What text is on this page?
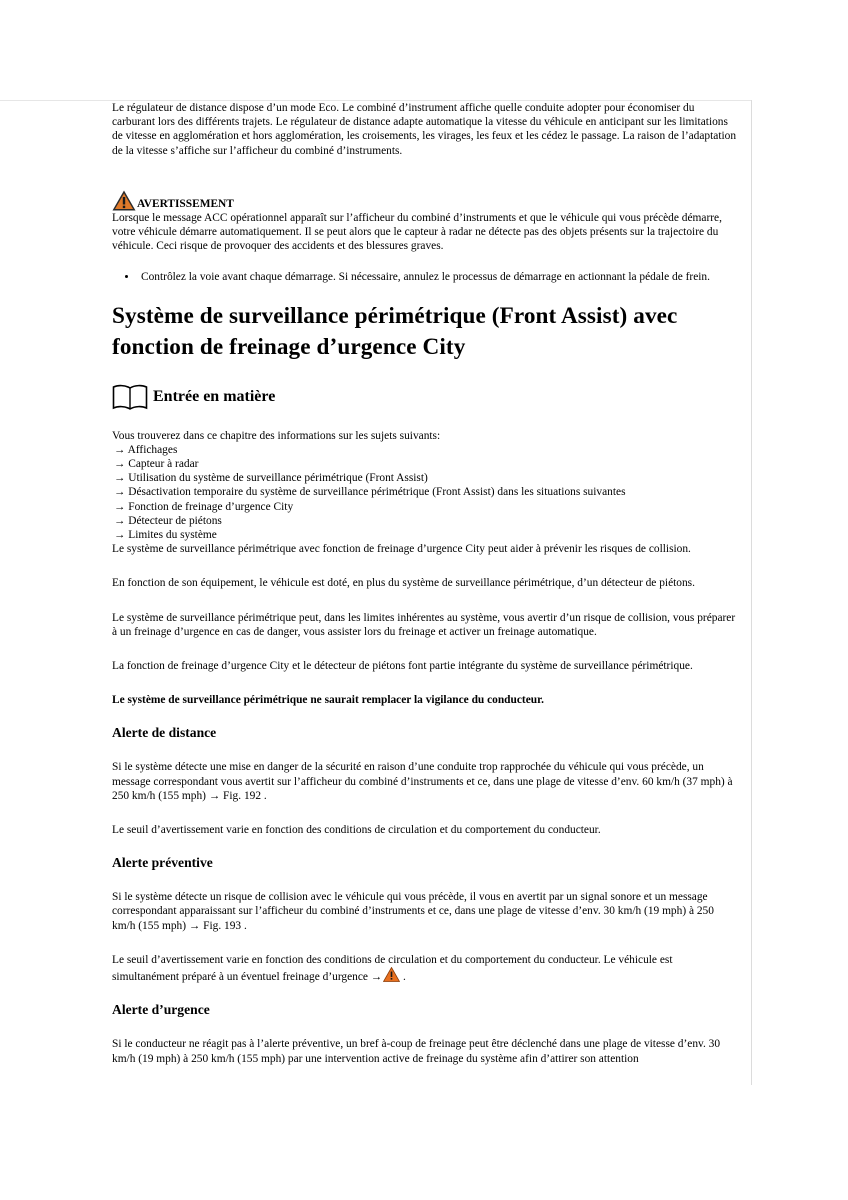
Le régulateur de distance dispose d’un mode Eco. Le combiné d’instrument affiche quelle conduite adopter pour économiser du carburant lors des différents trajets. Le régulateur de distance adapte automatique la vitesse du véhicule en anticipant sur les limitations de vitesse en agglomération et hors agglomération, les croisements, les virages, les feux et les cédez le passage. La raison de l’adaptation de la vitesse s’affiche sur l’afficheur du combiné d’instruments.

AVERTISSEMENT

Lorsque le message ACC opérationnel apparaît sur l’afficheur du combiné d’instruments et que le véhicule qui vous précède démarre, votre véhicule démarre automatiquement. Il se peut alors que le capteur à radar ne détecte pas des objets présents sur la trajectoire du véhicule. Ceci risque de provoquer des accidents et des blessures graves.

• Contrôlez la voie avant chaque démarrage. Si nécessaire, annulez le processus de démarrage en actionnant la pédale de frein.
Système de surveillance périmétrique (Front Assist) avec fonction de freinage d’urgence City
Entrée en matière

Vous trouverez dans ce chapitre des informations sur les sujets suivants:

→ Affichages
→ Capteur à radar
→ Utilisation du système de surveillance périmétrique (Front Assist)
→ Désactivation temporaire du système de surveillance périmétrique (Front Assist) dans les situations suivantes
→ Fonction de freinage d’urgence City
→ Détecteur de piétons
→ Limites du système

Le système de surveillance périmétrique avec fonction de freinage d’urgence City peut aider à prévenir les risques de collision.

En fonction de son équipement, le véhicule est doté, en plus du système de surveillance périmétrique, d’un détecteur de piétons.

Le système de surveillance périmétrique peut, dans les limites inhérentes au système, vous avertir d’un risque de collision, vous préparer à un freinage d’urgence en cas de danger, vous assister lors du freinage et activer un freinage automatique.

La fonction de freinage d’urgence City et le détecteur de piétons font partie intégrante du système de surveillance périmétrique.

Le système de surveillance périmétrique ne saurait remplacer la vigilance du conducteur.

Alerte de distance

Si le système détecte une mise en danger de la sécurité en raison d’une conduite trop rapprochée du véhicule qui vous précède, un message correspondant vous avertit sur l’afficheur du combiné d’instruments et ce, dans une plage de vitesse d’env. 60 km/h (37 mph) à 250 km/h (155 mph) → Fig. 192 .

Le seuil d’avertissement varie en fonction des conditions de circulation et du comportement du conducteur.

Alerte préventive

Si le système détecte un risque de collision avec le véhicule qui vous précède, il vous en avertit par un signal sonore et un message correspondant apparaissant sur l’afficheur du combiné d’instruments et ce, dans une plage de vitesse d’env. 30 km/h (19 mph) à 250 km/h (155 mph) → Fig. 193 .

Le seuil d’avertissement varie en fonction des conditions de circulation et du comportement du conducteur. Le véhicule est simultanément préparé à un éventuel freinage d’urgence → .

Alerte d’urgence

Si le conducteur ne réagit pas à l’alerte préventive, un bref à-coup de freinage peut être déclenché dans une plage de vitesse d’env. 30 km/h (19 mph) à 250 km/h (155 mph) par une intervention active de freinage du système afin d’attirer son attention
